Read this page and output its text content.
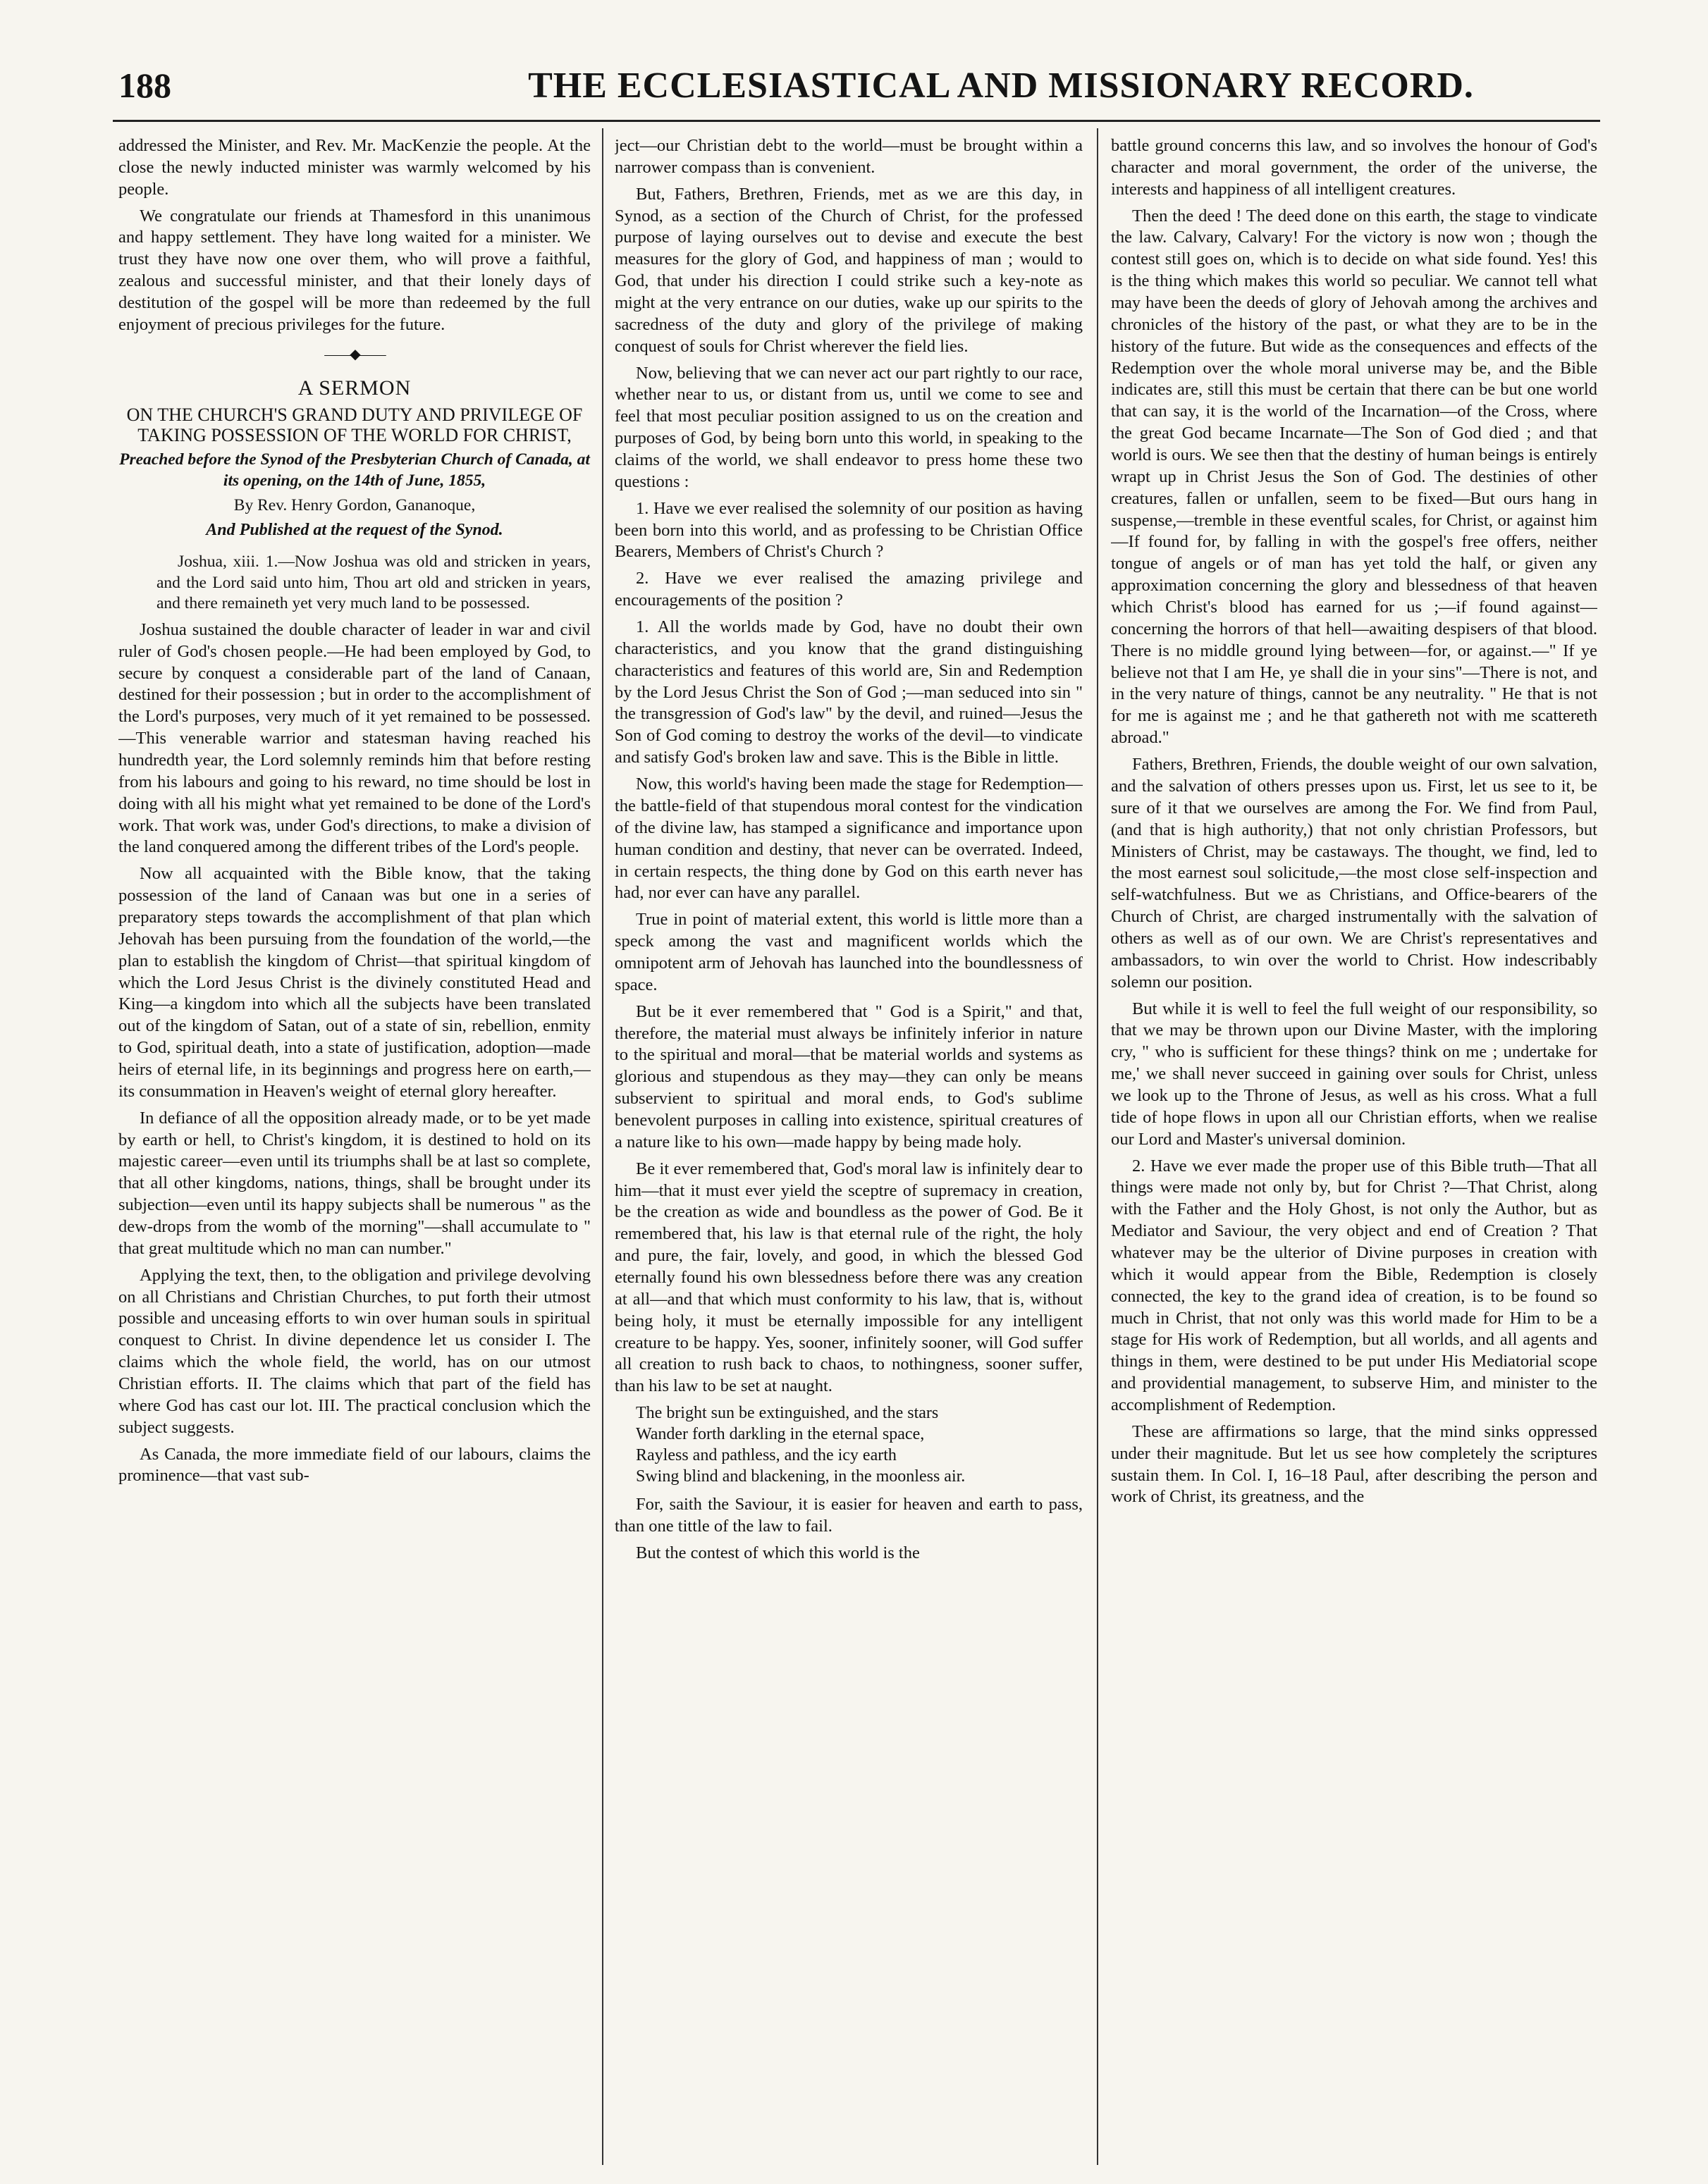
188	THE ECCLESIASTICAL AND MISSIONARY RECORD.

addressed the Minister, and Rev. Mr. MacKenzie the people. At the close the newly inducted minister was warmly welcomed by his people.

We congratulate our friends at Thamesford in this unanimous and happy settlement. They have long waited for a minister. We trust they have now one over them, who will prove a faithful, zealous and successful minister, and that their lonely days of destitution of the gospel will be more than redeemed by the full enjoyment of precious privileges for the future.

——◆——
A SERMON
ON THE CHURCH'S GRAND DUTY AND PRIVILEGE OF TAKING POSSESSION OF THE WORLD FOR CHRIST,
Preached before the Synod of the Presbyterian Church of Canada, at its opening, on the 14th of June, 1855,
By Rev. Henry Gordon, Gananoque,
And Published at the request of the Synod.

Joshua, xiii. 1.—Now Joshua was old and stricken in years, and the Lord said unto him, Thou art old and stricken in years, and there remaineth yet very much land to be possessed.

Joshua sustained the double character of leader in war and civil ruler of God's chosen people.—He had been employed by God, to secure by conquest a considerable part of the land of Canaan, destined for their possession ; but in order to the accomplishment of the Lord's purposes, very much of it yet remained to be possessed.—This venerable warrior and statesman having reached his hundredth year, the Lord solemnly reminds him that before resting from his labours and going to his reward, no time should be lost in doing with all his might what yet remained to be done of the Lord's work. That work was, under God's directions, to make a division of the land conquered among the different tribes of the Lord's people.

Now all acquainted with the Bible know, that the taking possession of the land of Canaan was but one in a series of preparatory steps towards the accomplishment of that plan which Jehovah has been pursuing from the foundation of the world,—the plan to establish the kingdom of Christ—that spiritual kingdom of which the Lord Jesus Christ is the divinely constituted Head and King—a kingdom into which all the subjects have been translated out of the kingdom of Satan, out of a state of sin, rebellion, enmity to God, spiritual death, into a state of justification, adoption—made heirs of eternal life, in its beginnings and progress here on earth,—its consummation in Heaven's weight of eternal glory hereafter.

In defiance of all the opposition already made, or to be yet made by earth or hell, to Christ's kingdom, it is destined to hold on its majestic career—even until its triumphs shall be at last so complete, that all other kingdoms, nations, things, shall be brought under its subjection—even until its happy subjects shall be numerous " as the dew-drops from the womb of the morning"—shall accumulate to " that great multitude which no man can number."

Applying the text, then, to the obligation and privilege devolving on all Christians and Christian Churches, to put forth their utmost possible and unceasing efforts to win over human souls in spiritual conquest to Christ. In divine dependence let us consider I. The claims which the whole field, the world, has on our utmost Christian efforts. II. The claims which that part of the field has where God has cast our lot. III. The practical conclusion which the subject suggests.

As Canada, the more immediate field of our labours, claims the prominence—that vast sub-

ject—our Christian debt to the world—must be brought within a narrower compass than is convenient.

But, Fathers, Brethren, Friends, met as we are this day, in Synod, as a section of the Church of Christ, for the professed purpose of laying ourselves out to devise and execute the best measures for the glory of God, and happiness of man ; would to God, that under his direction I could strike such a key-note as might at the very entrance on our duties, wake up our spirits to the sacredness of the duty and glory of the privilege of making conquest of souls for Christ wherever the field lies.

Now, believing that we can never act our part rightly to our race, whether near to us, or distant from us, until we come to see and feel that most peculiar position assigned to us on the creation and purposes of God, by being born unto this world, in speaking to the claims of the world, we shall endeavor to press home these two questions :

1. Have we ever realised the solemnity of our position as having been born into this world, and as professing to be Christian Office Bearers, Members of Christ's Church ?

2. Have we ever realised the amazing privilege and encouragements of the position ?

1. All the worlds made by God, have no doubt their own characteristics, and you know that the grand distinguishing characteristics and features of this world are, Sin and Redemption by the Lord Jesus Christ the Son of God ;—man seduced into sin " the transgression of God's law" by the devil, and ruined—Jesus the Son of God coming to destroy the works of the devil—to vindicate and satisfy God's broken law and save. This is the Bible in little.

Now, this world's having been made the stage for Redemption—the battle-field of that stupendous moral contest for the vindication of the divine law, has stamped a significance and importance upon human condition and destiny, that never can be overrated. Indeed, in certain respects, the thing done by God on this earth never has had, nor ever can have any parallel.

True in point of material extent, this world is little more than a speck among the vast and magnificent worlds which the omnipotent arm of Jehovah has launched into the boundlessness of space.

But be it ever remembered that " God is a Spirit," and that, therefore, the material must always be infinitely inferior in nature to the spiritual and moral—that be material worlds and systems as glorious and stupendous as they may—they can only be means subservient to spiritual and moral ends, to God's sublime benevolent purposes in calling into existence, spiritual creatures of a nature like to his own—made happy by being made holy.

Be it ever remembered that, God's moral law is infinitely dear to him—that it must ever yield the sceptre of supremacy in creation, be the creation as wide and boundless as the power of God. Be it remembered that, his law is that eternal rule of the right, the holy and pure, the fair, lovely, and good, in which the blessed God eternally found his own blessedness before there was any creation at all—and that which must conformity to his law, that is, without being holy, it must be eternally impossible for any intelligent creature to be happy. Yes, sooner, infinitely sooner, will God suffer all creation to rush back to chaos, to nothingness, sooner suffer, than his law to be set at naught.

The bright sun be extinguished, and the stars
Wander forth darkling in the eternal space,
Rayless and pathless, and the icy earth
Swing blind and blackening, in the moonless air.

For, saith the Saviour, it is easier for heaven and earth to pass, than one tittle of the law to fail.

But the contest of which this world is the

battle ground concerns this law, and so involves the honour of God's character and moral government, the order of the universe, the interests and happiness of all intelligent creatures.

Then the deed ! The deed done on this earth, the stage to vindicate the law. Calvary, Calvary! For the victory is now won ; though the contest still goes on, which is to decide on what side found. Yes! this is the thing which makes this world so peculiar. We cannot tell what may have been the deeds of glory of Jehovah among the archives and chronicles of the history of the past, or what they are to be in the history of the future. But wide as the consequences and effects of the Redemption over the whole moral universe may be, and the Bible indicates are, still this must be certain that there can be but one world that can say, it is the world of the Incarnation—of the Cross, where the great God became Incarnate—The Son of God died ; and that world is ours. We see then that the destiny of human beings is entirely wrapt up in Christ Jesus the Son of God. The destinies of other creatures, fallen or unfallen, seem to be fixed—But ours hang in suspense,—tremble in these eventful scales, for Christ, or against him—If found for, by falling in with the gospel's free offers, neither tongue of angels or of man has yet told the half, or given any approximation concerning the glory and blessedness of that heaven which Christ's blood has earned for us ;—if found against—concerning the horrors of that hell—awaiting despisers of that blood. There is no middle ground lying between—for, or against.—" If ye believe not that I am He, ye shall die in your sins"—There is not, and in the very nature of things, cannot be any neutrality. " He that is not for me is against me ; and he that gathereth not with me scattereth abroad."

Fathers, Brethren, Friends, the double weight of our own salvation, and the salvation of others presses upon us. First, let us see to it, be sure of it that we ourselves are among the For. We find from Paul, (and that is high authority,) that not only christian Professors, but Ministers of Christ, may be castaways. The thought, we find, led to the most earnest soul solicitude,—the most close self-inspection and self-watchfulness. But we as Christians, and Office-bearers of the Church of Christ, are charged instrumentally with the salvation of others as well as of our own. We are Christ's representatives and ambassadors, to win over the world to Christ. How indescribably solemn our position.

But while it is well to feel the full weight of our responsibility, so that we may be thrown upon our Divine Master, with the imploring cry, " who is sufficient for these things? think on me ; undertake for me,' we shall never succeed in gaining over souls for Christ, unless we look up to the Throne of Jesus, as well as his cross. What a full tide of hope flows in upon all our Christian efforts, when we realise our Lord and Master's universal dominion.

2. Have we ever made the proper use of this Bible truth—That all things were made not only by, but for Christ ?—That Christ, along with the Father and the Holy Ghost, is not only the Author, but as Mediator and Saviour, the very object and end of Creation ? That whatever may be the ulterior of Divine purposes in creation with which it would appear from the Bible, Redemption is closely connected, the key to the grand idea of creation, is to be found so much in Christ, that not only was this world made for Him to be a stage for His work of Redemption, but all worlds, and all agents and things in them, were destined to be put under His Mediatorial scope and providential management, to subserve Him, and minister to the accomplishment of Redemption.

These are affirmations so large, that the mind sinks oppressed under their magnitude. But let us see how completely the scriptures sustain them. In Col. I, 16–18 Paul, after describing the person and work of Christ, its greatness, and the
